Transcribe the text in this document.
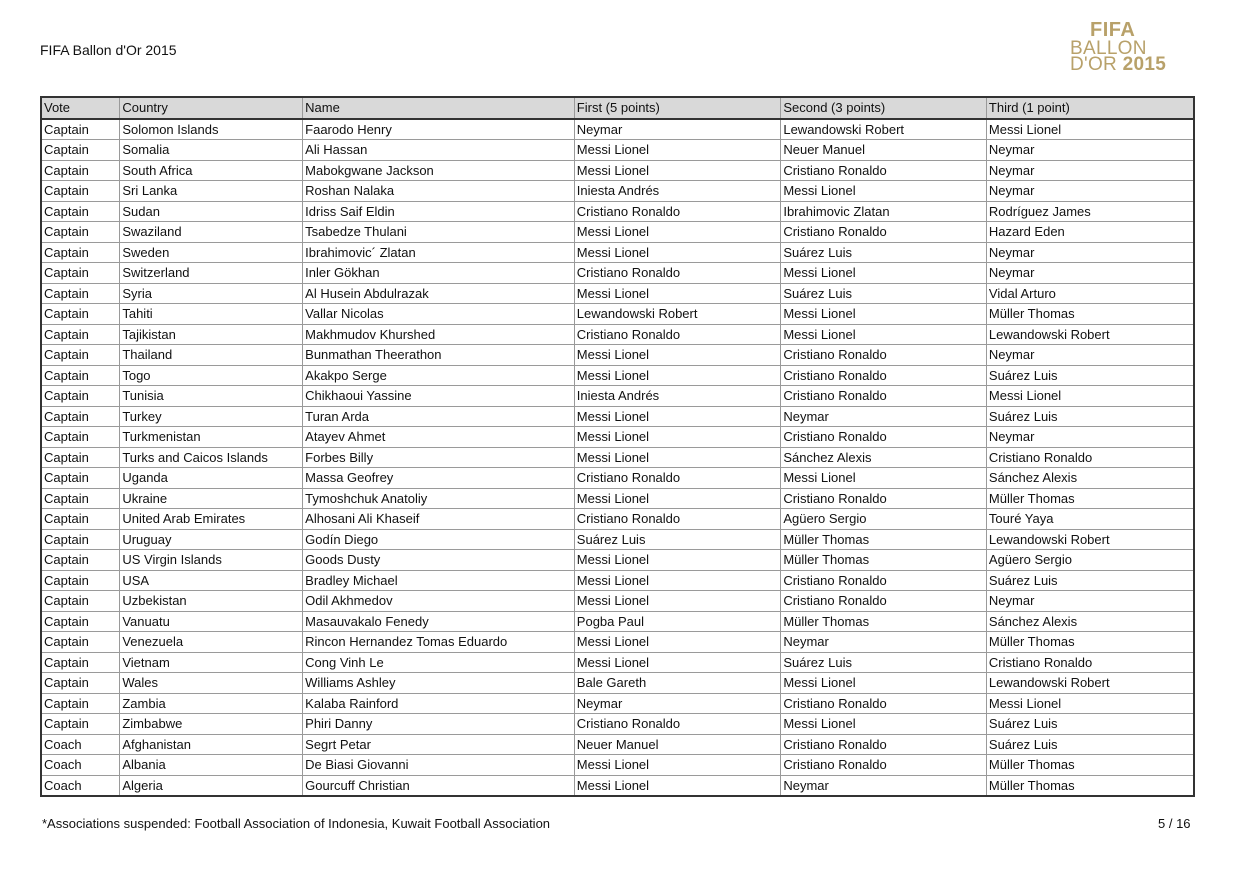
FIFA Ballon d'Or 2015
FIFA
BALLON
D'OR 2015
Vote	Country	Name	First (5 points)	Second (3 points)	Third (1 point)
Captain	Solomon Islands	Faarodo Henry	Neymar	Lewandowski Robert	Messi Lionel
Captain	Somalia	Ali Hassan	Messi Lionel	Neuer Manuel	Neymar
Captain	South Africa	Mabokgwane Jackson	Messi Lionel	Cristiano Ronaldo	Neymar
Captain	Sri Lanka	Roshan Nalaka	Iniesta Andrés	Messi Lionel	Neymar
Captain	Sudan	Idriss Saif Eldin	Cristiano Ronaldo	Ibrahimovic Zlatan	Rodríguez James
Captain	Swaziland	Tsabedze Thulani	Messi Lionel	Cristiano Ronaldo	Hazard Eden
Captain	Sweden	Ibrahimovic´ Zlatan	Messi Lionel	Suárez Luis	Neymar
Captain	Switzerland	Inler Gökhan	Cristiano Ronaldo	Messi Lionel	Neymar
Captain	Syria	Al Husein Abdulrazak	Messi Lionel	Suárez Luis	Vidal Arturo
Captain	Tahiti	Vallar Nicolas	Lewandowski Robert	Messi Lionel	Müller Thomas
Captain	Tajikistan	Makhmudov Khurshed	Cristiano Ronaldo	Messi Lionel	Lewandowski Robert
Captain	Thailand	Bunmathan Theerathon	Messi Lionel	Cristiano Ronaldo	Neymar
Captain	Togo	Akakpo Serge	Messi Lionel	Cristiano Ronaldo	Suárez Luis
Captain	Tunisia	Chikhaoui Yassine	Iniesta Andrés	Cristiano Ronaldo	Messi Lionel
Captain	Turkey	Turan Arda	Messi Lionel	Neymar	Suárez Luis
Captain	Turkmenistan	Atayev Ahmet	Messi Lionel	Cristiano Ronaldo	Neymar
Captain	Turks and Caicos Islands	Forbes Billy	Messi Lionel	Sánchez Alexis	Cristiano Ronaldo
Captain	Uganda	Massa Geofrey	Cristiano Ronaldo	Messi Lionel	Sánchez Alexis
Captain	Ukraine	Tymoshchuk Anatoliy	Messi Lionel	Cristiano Ronaldo	Müller Thomas
Captain	United Arab Emirates	Alhosani Ali Khaseif	Cristiano Ronaldo	Agüero Sergio	Touré Yaya
Captain	Uruguay	Godín Diego	Suárez Luis	Müller Thomas	Lewandowski Robert
Captain	US Virgin Islands	Goods Dusty	Messi Lionel	Müller Thomas	Agüero Sergio
Captain	USA	Bradley Michael	Messi Lionel	Cristiano Ronaldo	Suárez Luis
Captain	Uzbekistan	Odil Akhmedov	Messi Lionel	Cristiano Ronaldo	Neymar
Captain	Vanuatu	Masauvakalo Fenedy	Pogba Paul	Müller Thomas	Sánchez Alexis
Captain	Venezuela	Rincon Hernandez Tomas Eduardo	Messi Lionel	Neymar	Müller Thomas
Captain	Vietnam	Cong Vinh Le	Messi Lionel	Suárez Luis	Cristiano Ronaldo
Captain	Wales	Williams Ashley	Bale Gareth	Messi Lionel	Lewandowski Robert
Captain	Zambia	Kalaba Rainford	Neymar	Cristiano Ronaldo	Messi Lionel
Captain	Zimbabwe	Phiri Danny	Cristiano Ronaldo	Messi Lionel	Suárez Luis
Coach	Afghanistan	Segrt Petar	Neuer Manuel	Cristiano Ronaldo	Suárez Luis
Coach	Albania	De Biasi Giovanni	Messi Lionel	Cristiano Ronaldo	Müller Thomas
Coach	Algeria	Gourcuff Christian	Messi Lionel	Neymar	Müller Thomas
*Associations suspended: Football Association of Indonesia, Kuwait Football Association	5 / 16
